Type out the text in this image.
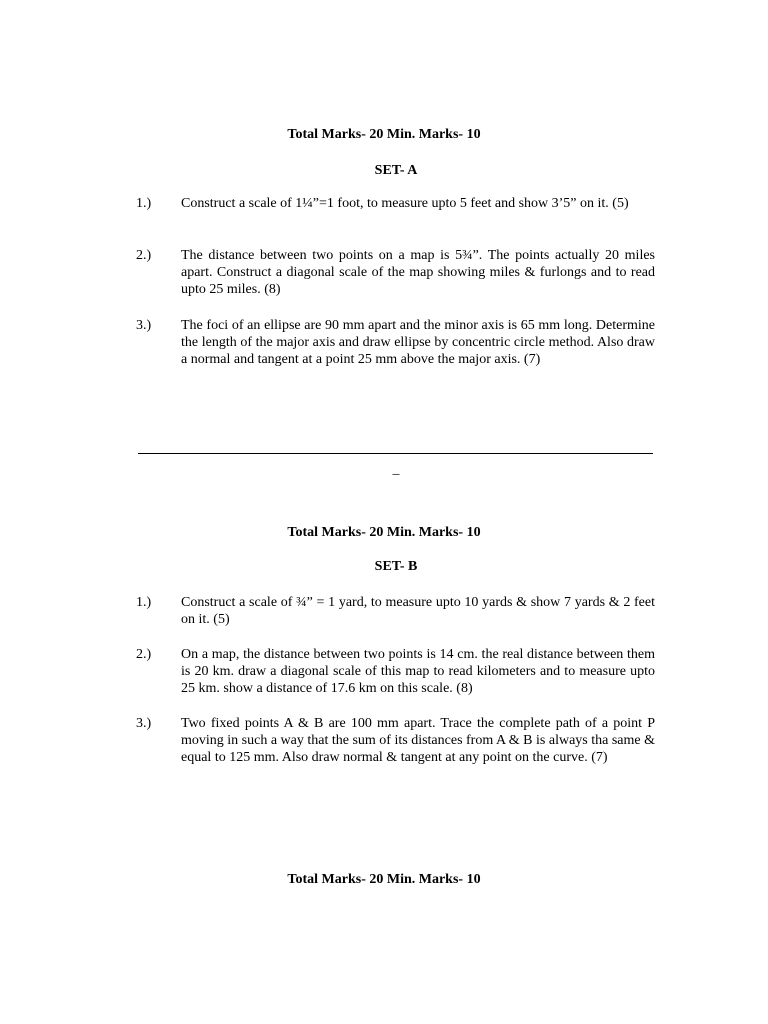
Total Marks- 20 Min. Marks- 10

SET- A

1.) Construct a scale of 1¼”=1 foot, to measure upto 5 feet and show 3’5” on it. (5)
2.) The distance between two points on a map is 5¾”. The points actually 20 miles apart. Construct a diagonal scale of the map showing miles & furlongs and to read upto 25 miles. (8)
3.) The foci of an ellipse are 90 mm apart and the minor axis is 65 mm long. Determine the length of the major axis and draw ellipse by concentric circle method. Also draw a normal and tangent at a point 25 mm above the major axis. (7)
_

Total Marks- 20 Min. Marks- 10

SET- B

1.) Construct a scale of ¾” = 1 yard, to measure upto 10 yards & show 7 yards & 2 feet on it. (5)
2.) On a map, the distance between two points is 14 cm. the real distance between them is 20 km. draw a diagonal scale of this map to read kilometers and to measure upto 25 km. show a distance of 17.6 km on this scale. (8)
3.) Two fixed points A & B are 100 mm apart. Trace the complete path of a point P moving in such a way that the sum of its distances from A & B is always tha same & equal to 125 mm. Also draw normal & tangent at any point on the curve. (7)

Total Marks- 20 Min. Marks- 10
